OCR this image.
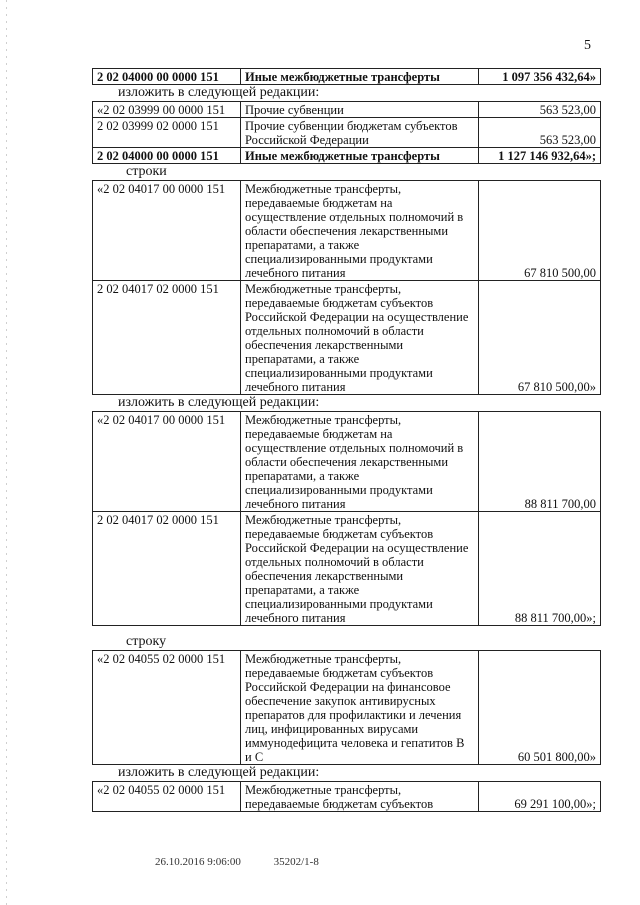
5
2 02 04000 00 0000 151	Иные межбюджетные трансферты	1 097 356 432,64»

изложить в следующей редакции:

«2 02 03999 00 0000 151	Прочие субвенции	563 523,00
2 02 03999 02 0000 151	Прочие субвенции бюджетам субъектов Российской Федерации	563 523,00
2 02 04000 00 0000 151	Иные межбюджетные трансферты	1 127 146 932,64»;

строки

«2 02 04017 00 0000 151	Межбюджетные трансферты, передаваемые бюджетам на осуществление отдельных полномочий в области обеспечения лекарственными препаратами, а также специализированными продуктами лечебного питания	67 810 500,00
2 02 04017 02 0000 151	Межбюджетные трансферты, передаваемые бюджетам субъектов Российской Федерации на осуществление отдельных полномочий в области обеспечения лекарственными препаратами, а также специализированными продуктами лечебного питания	67 810 500,00»

изложить в следующей редакции:

«2 02 04017 00 0000 151	Межбюджетные трансферты, передаваемые бюджетам на осуществление отдельных полномочий в области обеспечения лекарственными препаратами, а также специализированными продуктами лечебного питания	88 811 700,00
2 02 04017 02 0000 151	Межбюджетные трансферты, передаваемые бюджетам субъектов Российской Федерации на осуществление отдельных полномочий в области обеспечения лекарственными препаратами, а также специализированными продуктами лечебного питания	88 811 700,00»;

строку

«2 02 04055 02 0000 151	Межбюджетные трансферты, передаваемые бюджетам субъектов Российской Федерации на финансовое обеспечение закупок антивирусных препаратов для профилактики и лечения лиц, инфицированных вирусами иммунодефицита человека и гепатитов В и С	60 501 800,00»

изложить в следующей редакции:

«2 02 04055 02 0000 151	Межбюджетные трансферты, передаваемые бюджетам субъектов	69 291 100,00»;
26.10.2016 9:06:00	35202/1-8
